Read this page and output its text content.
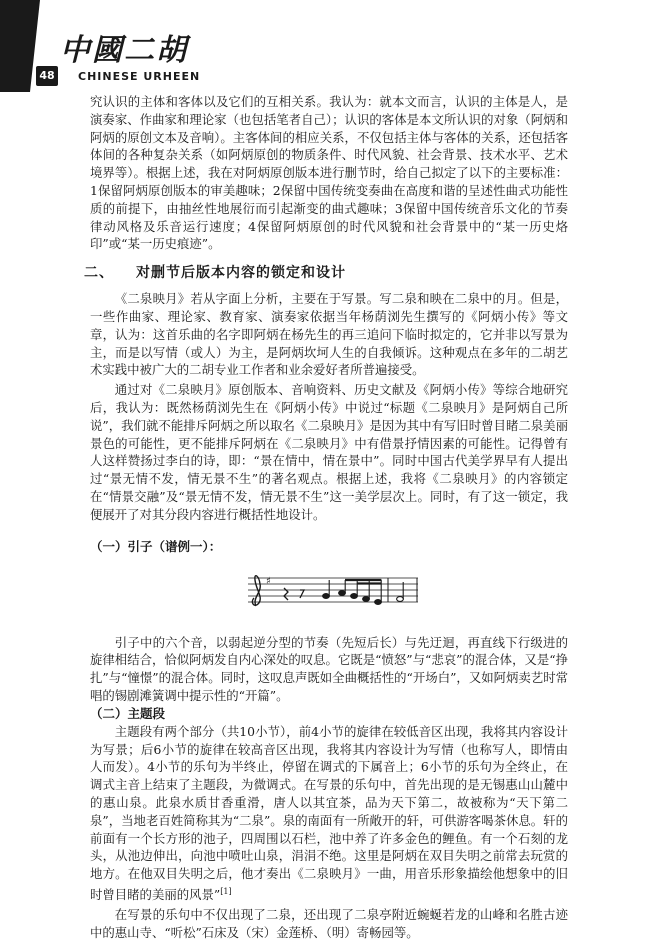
48
中國二胡
CHINESE URHEEN

究认识的主体和客体以及它们的互相关系。我认为：就本文而言，认识的主体是人，是演奏家、作曲家和理论家（也包括笔者自己）；认识的客体是本文所认识的对象（阿炳和阿炳的原创文本及音响）。主客体间的相应关系，不仅包括主体与客体的关系，还包括客体间的各种复杂关系（如阿炳原创的物质条件、时代风貌、社会背景、技术水平、艺术境界等）。根据上述，我在对阿炳原创版本进行删节时，给自己拟定了以下的主要标准：1保留阿炳原创版本的审美趣味；2保留中国传统变奏曲在高度和谐的呈述性曲式功能性质的前提下，由抽丝性地展衍而引起渐变的曲式趣味；3保留中国传统音乐文化的节奏律动风格及乐音运行速度；4保留阿炳原创的时代风貌和社会背景中的“某一历史烙印”或“某一历史痕迹”。

二、 对删节后版本内容的锁定和设计

《二泉映月》若从字面上分析，主要在于写景。写二泉和映在二泉中的月。但是，一些作曲家、理论家、教育家、演奏家依据当年杨荫浏先生撰写的《阿炳小传》等文章，认为：这首乐曲的名字即阿炳在杨先生的再三追问下临时拟定的，它并非以写景为主，而是以写情（或人）为主，是阿炳坎坷人生的自我倾诉。这种观点在多年的二胡艺术实践中被广大的二胡专业工作者和业余爱好者所普遍接受。

通过对《二泉映月》原创版本、音响资料、历史文献及《阿炳小传》等综合地研究后，我认为：既然杨荫浏先生在《阿炳小传》中说过“标题《二泉映月》是阿炳自己所说”，我们就不能排斥阿炳之所以取名《二泉映月》是因为其中有写旧时曾目睹二泉美丽景色的可能性，更不能排斥阿炳在《二泉映月》中有借景抒情因素的可能性。记得曾有人这样赞扬过李白的诗，即：“景在情中，情在景中”。同时中国古代美学界早有人提出过“景无情不发，情无景不生”的著名观点。根据上述，我将《二泉映月》的内容锁定在“情景交融”及“景无情不发，情无景不生”这一美学层次上。同时，有了这一锁定，我便展开了对其分段内容进行概括性地设计。

（一）引子（谱例一）：
♯

引子中的六个音，以弱起逆分型的节奏（先短后长）与先迂迴，再直线下行级进的旋律相结合，恰似阿炳发自内心深处的叹息。它既是“愤怒”与“悲哀”的混合体，又是“挣扎”与“憧憬”的混合体。同时，这叹息声既如全曲概括性的“开场白”，又如阿炳卖艺时常唱的锡剧滩簧调中提示性的“开篇”。

（二）主题段

主题段有两个部分（共10小节），前4小节的旋律在较低音区出现，我将其内容设计为写景；后6小节的旋律在较高音区出现，我将其内容设计为写情（也称写人，即情由人而发）。4小节的乐句为半终止，停留在调式的下属音上；6小节的乐句为全终止，在调式主音上结束了主题段，为微调式。在写景的乐句中，首先出现的是无锡惠山山麓中的惠山泉。此泉水质甘香重滑，唐人以其宜茶，品为天下第二，故被称为“天下第二泉”，当地老百姓简称其为“二泉”。泉的南面有一所敞开的轩，可供游客喝茶休息。轩的前面有一个长方形的池子，四周围以石栏，池中养了许多金色的鲤鱼。有一个石刻的龙头，从池边伸出，向池中喷吐山泉，涓涓不绝。这里是阿炳在双目失明之前常去玩赏的地方。在他双目失明之后，他才奏出《二泉映月》一曲，用音乐形象描绘他想象中的旧时曾目睹的美丽的风景”[1]

在写景的乐句中不仅出现了二泉，还出现了二泉亭附近蜿蜒若龙的山峰和名胜古迹中的惠山寺、“听松”石床及（宋）金莲桥、（明）寄畅园等。
